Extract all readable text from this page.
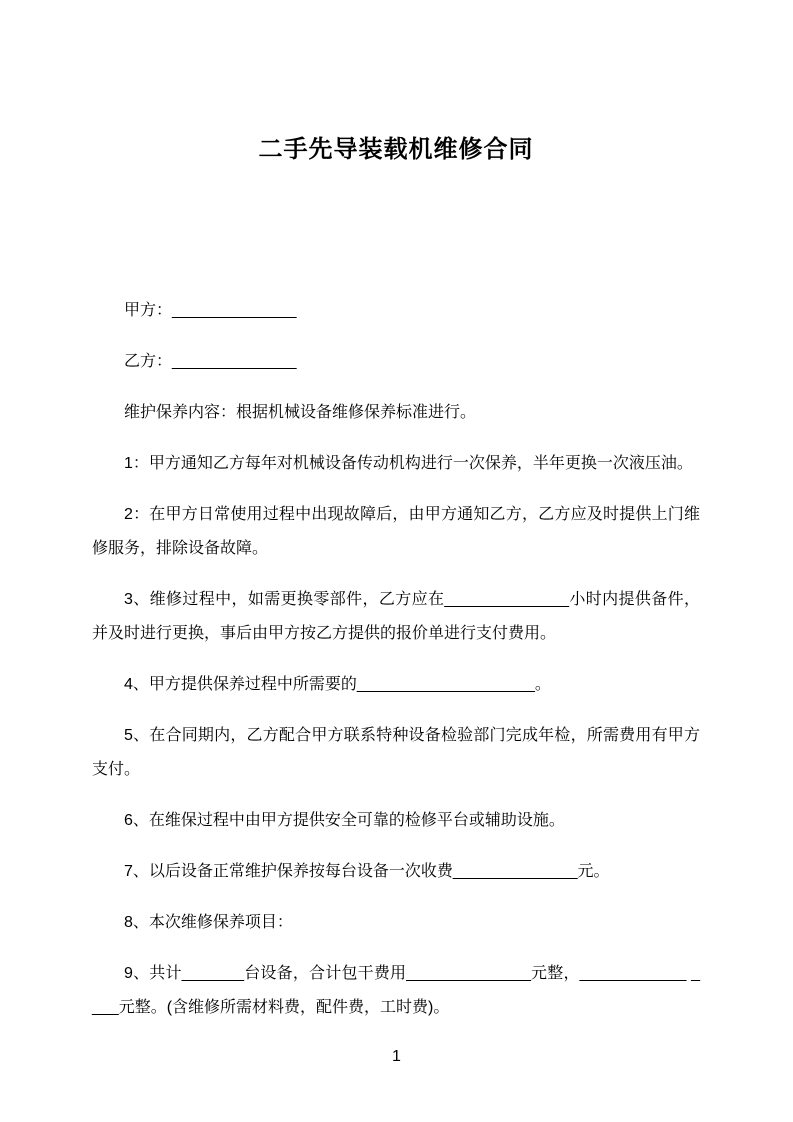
二手先导装载机维修合同

甲方：______________

乙方：______________

维护保养内容：根据机械设备维修保养标准进行。

1：甲方通知乙方每年对机械设备传动机构进行一次保养，半年更换一次液压油。

2：在甲方日常使用过程中出现故障后，由甲方通知乙方，乙方应及时提供上门维修服务，排除设备故障。

3、维修过程中，如需更换零部件，乙方应在______________小时内提供备件，并及时进行更换，事后由甲方按乙方提供的报价单进行支付费用。

4、甲方提供保养过程中所需要的____________________。

5、在合同期内，乙方配合甲方联系特种设备检验部门完成年检，所需费用有甲方支付。

6、在维保过程中由甲方提供安全可靠的检修平台或辅助设施。

7、以后设备正常维护保养按每台设备一次收费______________元。

8、本次维修保养项目：

9、共计_______台设备，合计包干费用______________元整，____________ ____元整。(含维修所需材料费，配件费，工时费)。

1
